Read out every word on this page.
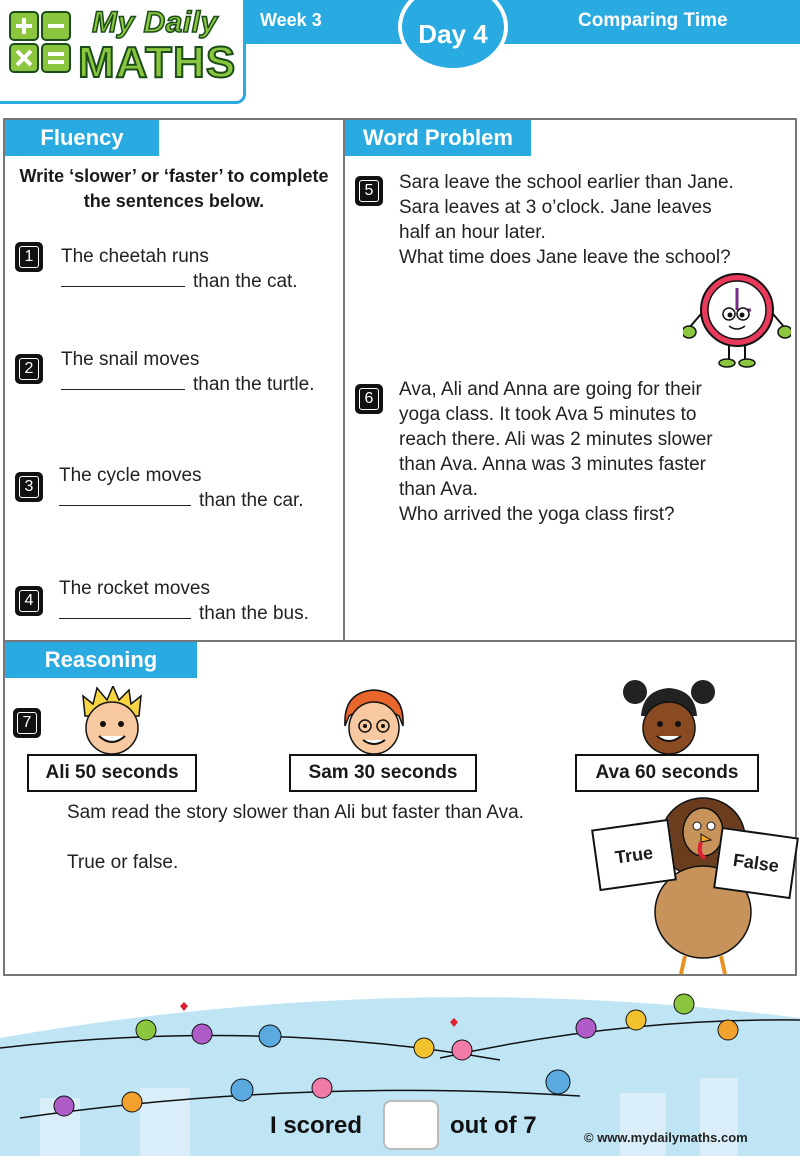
My Daily
MATHS
Week 3	Day 4	Comparing Time
Fluency
Write ‘slower’ or ‘faster’ to complete the sentences below.
1 The cheetah runs
than the cat.
2 The snail moves
than the turtle.
3
The cycle moves
than the car.
4
The rocket moves
than the bus.
Word Problem
5 Sara leave the school earlier than Jane.
Sara leaves at 3 o’clock. Jane leaves
half an hour later.
What time does Jane leave the school?
6 Ava, Ali and Anna are going for their
yoga class. It took Ava 5 minutes to
reach there. Ali was 2 minutes slower
than Ava. Anna was 3 minutes faster
than Ava.
Who arrived the yoga class first?
Reasoning
7
Ali 50 seconds	Sam 30 seconds	Ava 60 seconds
Sam read the story slower than Ali but faster than Ava.
True or false.	True	False
I scored	out of 7	© www.mydailymaths.com
